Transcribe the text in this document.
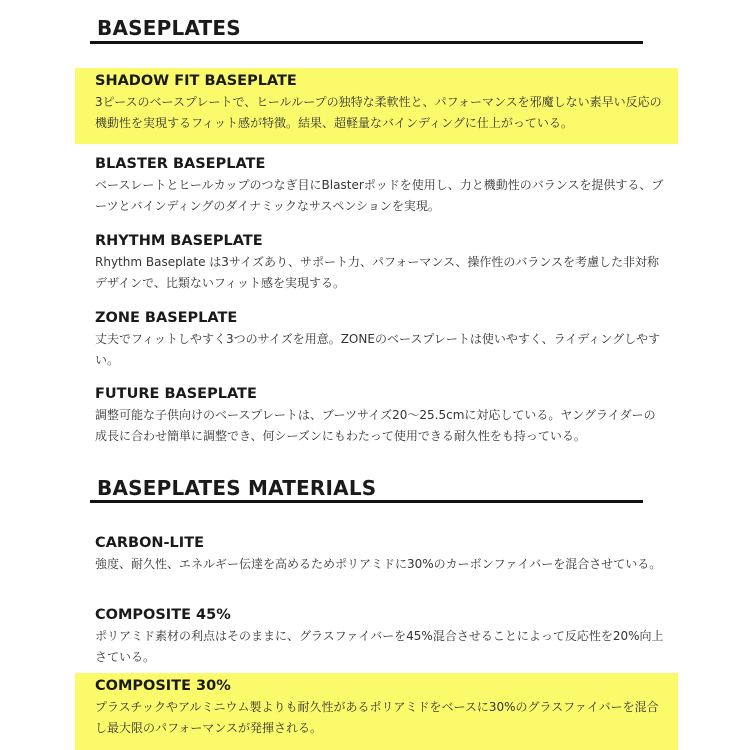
BASEPLATES
SHADOW FIT BASEPLATE
3ピースのベースプレートで、ヒールループの独特な柔軟性と、パフォーマンスを邪魔しない素早い反応の機動性を実現するフィット感が特徴。結果、超軽量なバインディングに仕上がっている。
BLASTER BASEPLATE
ベースレートとヒールカップのつなぎ目にBlasterポッドを使用し、力と機動性のバランスを提供する、ブーツとバインディングのダイナミックなサスペンションを実現。
RHYTHM BASEPLATE
Rhythm Baseplate は3サイズあり、サポート力、パフォーマンス、操作性のバランスを考慮した非対称デザインで、比類ないフィット感を実現する。
ZONE BASEPLATE
丈夫でフィットしやすく3つのサイズを用意。ZONEのベースプレートは使いやすく、ライディングしやすい。
FUTURE BASEPLATE
調整可能な子供向けのベースプレートは、ブーツサイズ20～25.5cmに対応している。ヤングライダーの成長に合わせ簡単に調整でき、何シーズンにもわたって使用できる耐久性をも持っている。
BASEPLATES MATERIALS
CARBON-LITE
強度、耐久性、エネルギー伝達を高めるためポリアミドに30%のカーボンファイバーを混合させている。
COMPOSITE 45%
ポリアミド素材の利点はそのままに、グラスファイバーを45%混合させることによって反応性を20%向上さている。
COMPOSITE 30%
プラスチックやアルミニウム製よりも耐久性があるポリアミドをベースに30%のグラスファイバーを混合し最大限のパフォーマンスが発揮される。
